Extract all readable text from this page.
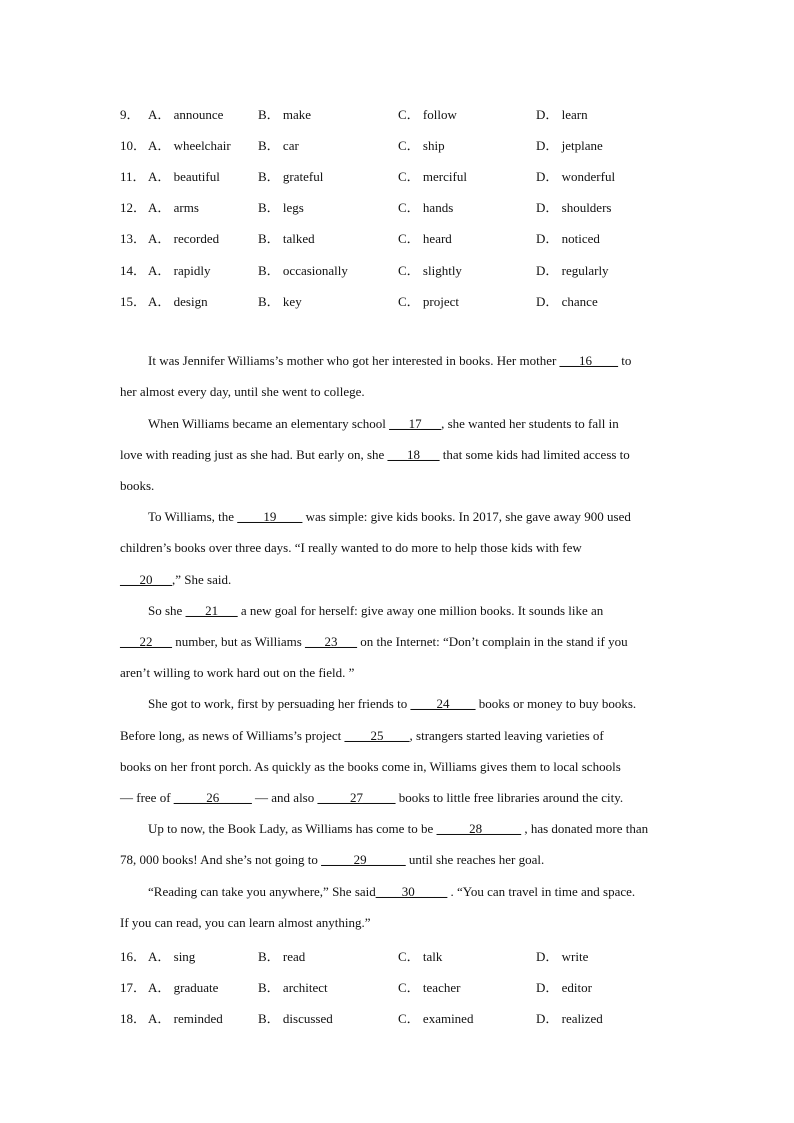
9． A． announce	B． make	C． follow	D． learn
10． A． wheelchair B． car	C． ship	D． jetplane
11． A． beautiful	B． grateful	C． merciful	D． wonderful
12． A． arms	B． legs	C． hands	D． shoulders
13． A． recorded	B． talked	C． heard	D． noticed
14． A． rapidly	B． occasionally	C． slightly	D． regularly
15． A． design	B． key	C． project	D． chance
It was Jennifer Williams’s mother who got her interested in books. Her mother ___16____ to
her almost every day, until she went to college.
When Williams became an elementary school ___17___, she wanted her students to fall in
love with reading just as she had. But early on, she ___18___ that some kids had limited access to
books.
To Williams, the ____19____ was simple: give kids books. In 2017, she gave away 900 used
children’s books over three days. “I really wanted to do more to help those kids with few
___20___,” She said.
So she ___21___ a new goal for herself: give away one million books. It sounds like an
___22___ number, but as Williams ___23___ on the Internet: “Don’t complain in the stand if you
aren’t willing to work hard out on the field. ”
She got to work, first by persuading her friends to ____24____ books or money to buy books.
Before long, as news of Williams’s project ____25____, strangers started leaving varieties of
books on her front porch. As quickly as the books come in, Williams gives them to local schools
— free of _____26_____ — and also _____27_____ books to little free libraries around the city.
Up to now, the Book Lady, as Williams has come to be _____28______ , has donated more than
78, 000 books! And she’s not going to _____29______ until she reaches her goal.
“Reading can take you anywhere,” She said____30_____ . “You can travel in time and space.
If you can read, you can learn almost anything.”
16． A． sing	B． read	C． talk	D． write
17． A． graduate	B． architect	C． teacher	D． editor
18． A． reminded	B． discussed	C． examined	D． realized
